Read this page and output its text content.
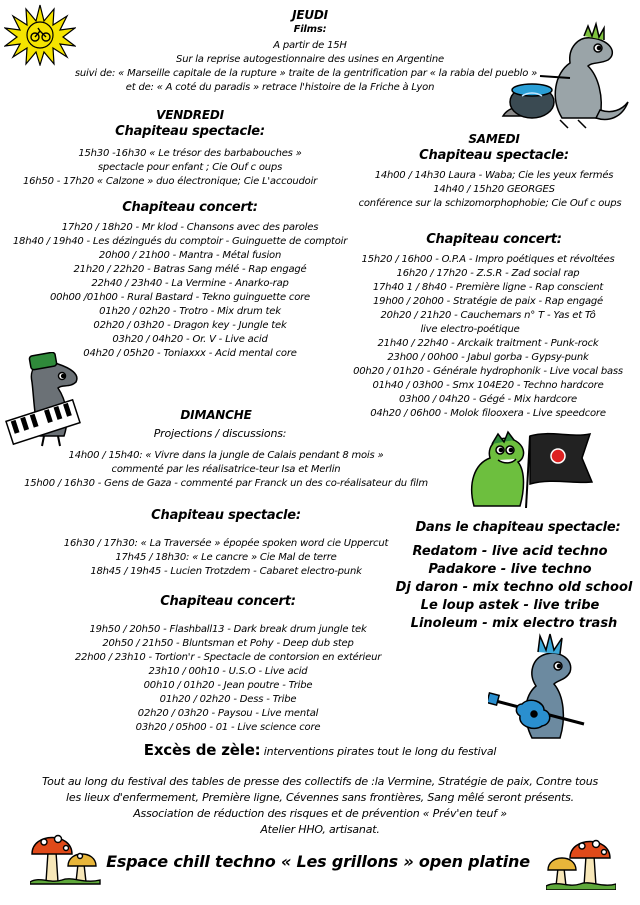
JEUDI
Films:
A partir de 15H
Sur la reprise autogestionnaire des usines en Argentine
suivi de: « Marseille capitale de la rupture » traite de la gentrification par « la rabia del pueblo »
et de: « A coté du paradis » retrace l'histoire de la Friche à Lyon
VENDREDI
Chapiteau spectacle:
15h30 -16h30 « Le trésor des barbabouches »
spectacle pour enfant ; Cie Ouf c oups
16h50 - 17h20 « Calzone » duo électronique; Cie L'accoudoir
Chapiteau concert:
17h20 / 18h20 - Mr klod - Chansons avec des paroles
18h40 / 19h40 - Les dézingués du comptoir - Guinguette de comptoir
20h00 / 21h00 - Mantra - Métal fusion
21h20 / 22h20 - Batras Sang mélé - Rap engagé
22h40 / 23h40 - La Vermine - Anarko-rap
00h00 /01h00 - Rural Bastard - Tekno guinguette core
01h20 / 02h20 - Trotro - Mix drum tek
02h20 / 03h20 - Dragon key - Jungle tek
03h20 / 04h20 - Or. V - Live acid
04h20 / 05h20 - Toniaxxx - Acid mental core
SAMEDI
Chapiteau spectacle:
14h00 / 14h30 Laura - Waba; Cie les yeux fermés
14h40 / 15h20 GEORGES
conférence sur la schizomorphophobie; Cie Ouf c oups
Chapiteau concert:
15h20 / 16h00 - O.P.A - Impro poétiques et révoltées
16h20 / 17h20 - Z.S.R - Zad social rap
17h40 1 / 8h40 - Première ligne - Rap conscient
19h00 / 20h00 - Stratégie de paix - Rap engagé
20h20 / 21h20 - Cauchemars n° T - Yas et Tô
live electro-poétique
21h40 / 22h40 - Arckaik traitment - Punk-rock
23h00 / 00h00 - Jabul gorba - Gypsy-punk
00h20 / 01h20 - Générale hydrophonik - Live vocal bass
01h40 / 03h00 - Smx 104E20 - Techno hardcore
03h00 / 04h20 - Gégé - Mix hardcore
04h20 / 06h00 - Molok filooxera - Live speedcore
DIMANCHE
Projections / discussions:
14h00 / 15h40: « Vivre dans la jungle de Calais pendant 8 mois »
commenté par les réalisatrice-teur Isa et Merlin
15h00 / 16h30 - Gens de Gaza - commenté par Franck un des co-réalisateur du film
Chapiteau spectacle:
16h30 / 17h30: « La Traversée » épopée spoken word cie Uppercut
17h45 / 18h30: « Le cancre » Cie Mal de terre
18h45 / 19h45 - Lucien Trotzdem - Cabaret electro-punk
Chapiteau concert:
19h50 / 20h50 - Flashball13 - Dark break drum jungle tek
20h50 / 21h50 - Bluntsman et Pohy - Deep dub step
22h00 / 23h10 - Tortion'r - Spectacle de contorsion en extérieur
23h10 / 00h10 - U.S.O - Live acid
00h10 / 01h20 - Jean poutre - Tribe
01h20 / 02h20 - Dess - Tribe
02h20 / 03h20 - Paysou - Live mental
03h20 / 05h00 - 01 - Live science core
Dans le chapiteau spectacle:
Redatom - live acid techno
Padakore - live techno
Dj daron - mix techno old school
Le loup astek - live tribe
Linoleum - mix electro trash
Excès de zèle: interventions pirates tout le long du festival
Tout au long du festival des tables de presse des collectifs de :la Vermine, Stratégie de paix, Contre tous
les lieux d'enfermement, Première ligne, Cévennes sans frontières, Sang mêlé seront présents.
Association de réduction des risques et de prévention « Prév'en teuf »
Atelier HHO, artisanat.
Espace chill techno « Les grillons » open platine
